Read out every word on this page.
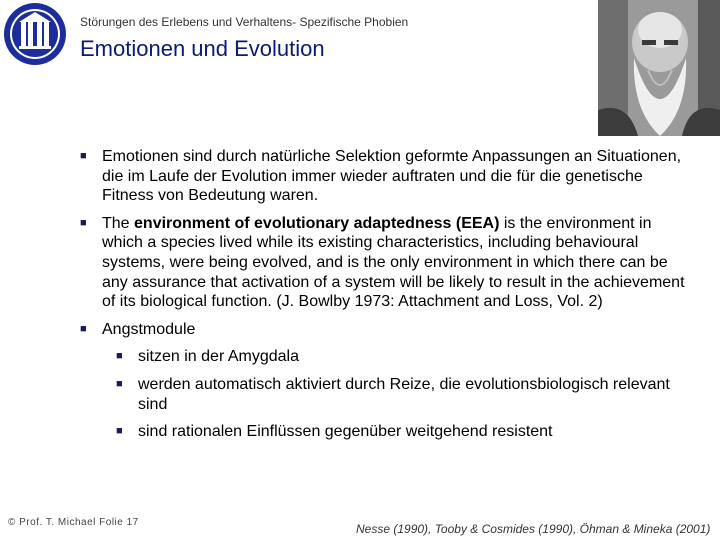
Störungen des Erlebens und Verhaltens- Spezifische Phobien
Emotionen und Evolution
■ Emotionen sind durch natürliche Selektion geformte Anpassungen an Situationen, die im Laufe der Evolution immer wieder auftraten und die für die genetische Fitness von Bedeutung waren.
■ The environment of evolutionary adaptedness (EEA) is the environment in which a species lived while its existing characteristics, including behavioural systems, were being evolved, and is the only environment in which there can be any assurance that activation of a system will be likely to result in the achievement of its biological function. (J. Bowlby 1973: Attachment and Loss, Vol. 2)
■ Angstmodule
■ sitzen in der Amygdala
■ werden automatisch aktiviert durch Reize, die evolutionsbiologisch relevant sind
■ sind rationalen Einflüssen gegenüber weitgehend resistent
© Prof. T. Michael Folie 17	Nesse (1990), Tooby & Cosmides (1990), Öhman & Mineka (2001)
